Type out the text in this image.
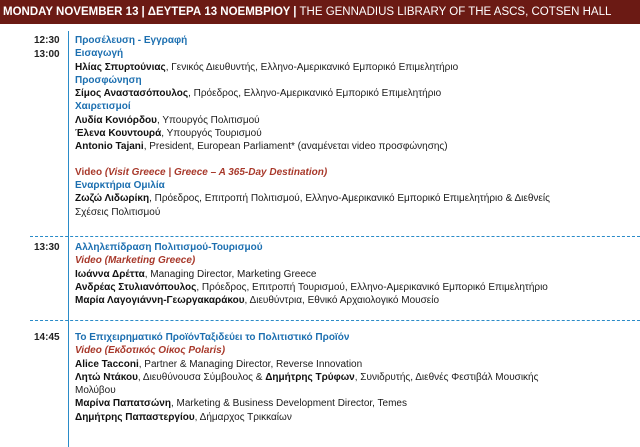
MONDAY NOVEMBER 13 | ΔΕΥΤΕΡΑ 13 ΝΟΕΜΒΡΙΟΥ | THE GENNADIUS LIBRARY OF THE ASCS, COTSEN HALL
12:30
13:00
Προσέλευση - Εγγραφή
Εισαγωγή
Ηλίας Σπυρτούνιας, Γενικός Διευθυντής, Ελληνο-Αμερικανικό Εμπορικό Επιμελητήριο
Προσφώνηση
Σίμος Αναστασόπουλος, Πρόεδρος, Ελληνο-Αμερικανικό Εμπορικό Επιμελητήριο
Χαιρετισμοί
Λυδία Κονιόρδου, Υπουργός Πολιτισμού
Έλενα Κουντουρά, Υπουργός Τουρισμού
Antonio Tajani, President, European Parliament* (αναμένεται video προσφώνησης)
Video (Visit Greece | Greece – A 365-Day Destination)
Εναρκτήρια Ομιλία
Ζωζώ Λιδωρίκη, Πρόεδρος, Επιτροπή Πολιτισμού, Ελληνο-Αμερικανικό Εμπορικό Επιμελητήριο & Διεθνείς
Σχέσεις Πολιτισμού
13:30	Αλληλεπίδραση Πολιτισμού-Τουρισμού
Video (Marketing Greece)
Ιωάννα Δρέττα, Managing Director, Marketing Greece
Ανδρέας Στυλιανόπουλος, Πρόεδρος, Επιτροπή Τουρισμού, Ελληνο-Αμερικανικό Εμπορικό Επιμελητήριο
Μαρία Λαγογιάννη-Γεωργακαράκου, Διευθύντρια, Εθνικό Αρχαιολογικό Μουσείο
14:45	Το Επιχειρηματικό ΠροϊόνΤαξιδεύει το Πολιτιστικό Προϊόν
Video (Εκδοτικός Οίκος Polaris)
Alice Tacconi, Partner & Managing Director, Reverse Innovation
Λητώ Ντάκου, Διευθύνουσα Σύμβουλος & Δημήτρης Τρύφων, Συνιδρυτής, Διεθνές Φεστιβάλ Μουσικής
Μολύβου
Μαρίνα Παπατσώνη, Marketing & Business Development Director, Temes
Δημήτρης Παπαστεργίου, Δήμαρχος Τρικκαίων
